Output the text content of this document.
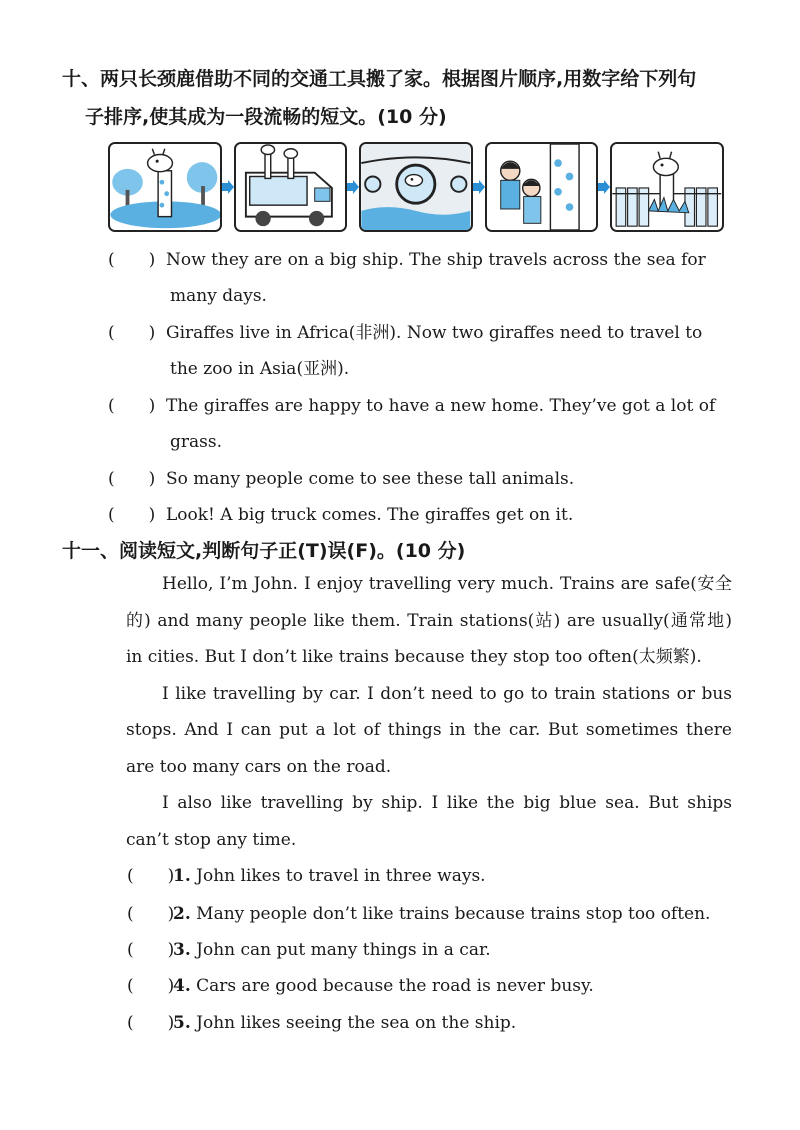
十、两只长颈鹿借助不同的交通工具搬了家。根据图片顺序,用数字给下列句
子排序,使其成为一段流畅的短文。(10 分)
(　　) Now they are on a big ship. The ship travels across the sea for
many days.
(　　) Giraffes live in Africa(非洲). Now two giraffes need to travel to
the zoo in Asia(亚洲).
(　　) The giraffes are happy to have a new home. They’ve got a lot of
grass.
(　　) So many people come to see these tall animals.
(　　) Look! A big truck comes. The giraffes get on it.
十一、阅读短文,判断句子正(T)误(F)。(10 分)

Hello, I’m John. I enjoy travelling very much. Trains are safe(安全的) and many people like them. Train stations(站) are usually(通常地) in cities. But I don’t like trains because they stop too often(太频繁).

I like travelling by car. I don’t need to go to train stations or bus stops. And I can put a lot of things in the car. But sometimes there are too many cars on the road.

I also like travelling by ship. I like the big blue sea. But ships can’t stop any time.

(　　)1. John likes to travel in three ways.
(　　)2. Many people don’t like trains because trains stop too often.
(　　)3. John can put many things in a car.
(　　)4. Cars are good because the road is never busy.
(　　)5. John likes seeing the sea on the ship.
